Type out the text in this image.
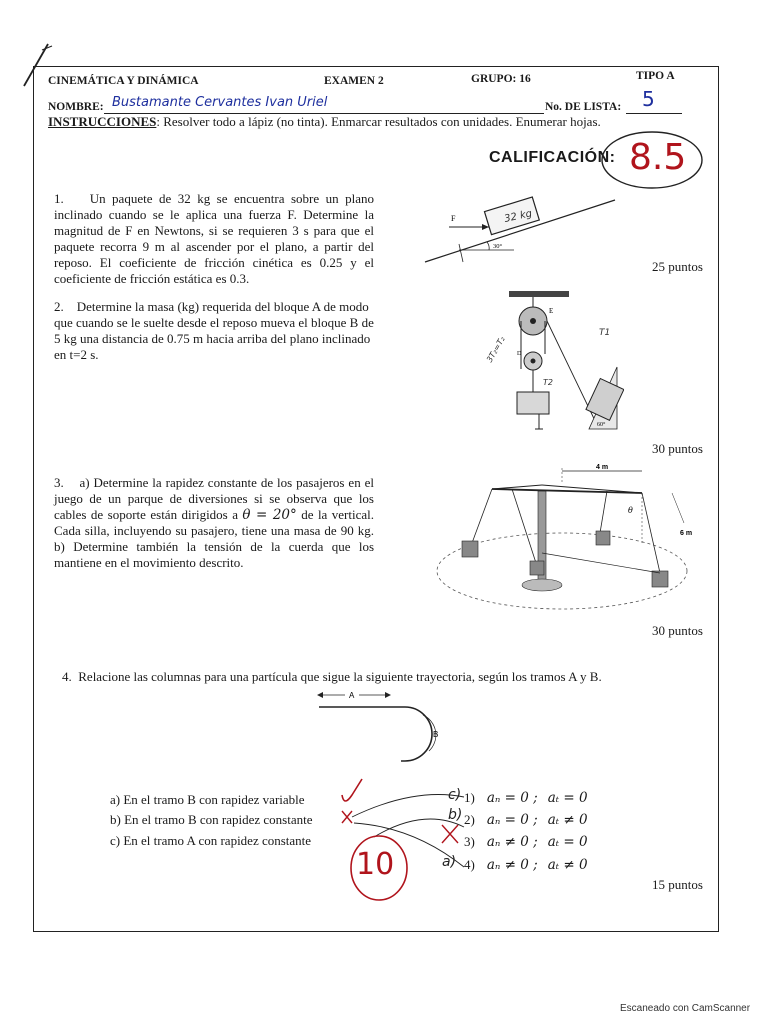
CINEMÁTICA Y DINÁMICA	EXAMEN 2	GRUPO: 16	TIPO A
NOMBRE: Bustamante Cervantes Ivan Uriel	No. DE LISTA: 5
INSTRUCCIONES: Resolver todo a lápiz (no tinta). Enmarcar resultados con unidades. Enumerar hojas.
CALIFICACIÓN: 8.5
1. Un paquete de 32 kg se encuentra sobre un plano inclinado cuando se le aplica una fuerza F. Determine la magnitud de F en Newtons, si se requieren 3 s para que el paquete recorra 9 m al ascender por el plano, a partir del reposo. El coeficiente de fricción cinética es 0.25 y el coeficiente de fricción estática es 0.3.
F	32 kg
30°
25 puntos
2. Determine la masa (kg) requerida del bloque A de modo que cuando se le suelte desde el reposo mueva el bloque B de 5 kg una distancia de 0.75 m hacia arriba del plano inclinado en t=2 s.
E
D
3T₂=T₂
T1
T2
60°
30 puntos
3. a) Determine la rapidez constante de los pasajeros en el juego de un parque de diversiones si se observa que los cables de soporte están dirigidos a θ = 20° de la vertical. Cada silla, incluyendo su pasajero, tiene una masa de 90 kg. b) Determine también la tensión de la cuerda que los mantiene en el movimiento descrito.
4 m
θ
6 m
30 puntos
4. Relacione las columnas para una partícula que sigue la siguiente trayectoria, según los tramos A y B.
A
B
a) En el tramo B con rapidez variable
b) En el tramo B con rapidez constante
c) En el tramo A con rapidez constante
c) 1) aₙ = 0 ; aₜ = 0
b) 2) aₙ = 0 ; aₜ ≠ 0
3) aₙ ≠ 0 ; aₜ = 0
a) 4) aₙ ≠ 0 ; aₜ ≠ 0
10
15 puntos
Escaneado con CamScanner
